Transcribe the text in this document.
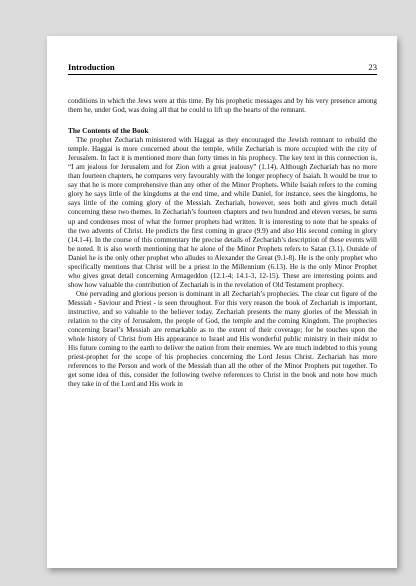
Introduction	23

conditions in which the Jews were at this time. By his prophetic messages and by his very presence among them he, under God, was doing all that he could to lift up the hearts of the remnant.

The Contents of the Book

The prophet Zechariah ministered with Haggai as they encouraged the Jewish remnant to rebuild the temple. Haggai is more concerned about the temple, while Zechariah is more occupied with the city of Jerusalem. In fact it is mentioned more than forty times in his prophecy. The key text in this connection is, “I am jealous for Jerusalem and for Zion with a great jealousy” (1.14). Although Zechariah has no more than fourteen chapters, he compares very favourably with the longer prophecy of Isaiah. It would be true to say that he is more comprehensive than any other of the Minor Prophets. While Isaiah refers to the coming glory he says little of the kingdoms at the end time, and while Daniel, for instance, sees the kingdoms, he says little of the coming glory of the Messiah. Zechariah, however, sees both and gives much detail concerning these two themes. In Zechariah’s fourteen chapters and two hundred and eleven verses, he sums up and condenses most of what the former prophets had written. It is interesting to note that he speaks of the two advents of Christ. He predicts the first coming in grace (9.9) and also His second coming in glory (14.1-4). In the course of this commentary the precise details of Zechariah’s description of these events will be noted. It is also worth mentioning that he alone of the Minor Prophets refers to Satan (3.1). Outside of Daniel he is the only other prophet who alludes to Alexander the Great (9.1-8). He is the only prophet who specifically mentions that Christ will be a priest in the Millennium (6.13). He is the only Minor Prophet who gives great detail concerning Armageddon (12.1-4; 14.1-3, 12-15). These are interesting points and show how valuable the contribution of Zechariah is in the revelation of Old Testament prophecy.

One pervading and glorious person is dominant in all Zechariah’s prophecies. The clear cut figure of the Messiah - Saviour and Priest - is seen throughout. For this very reason the book of Zechariah is important, instructive, and so valuable to the believer today. Zechariah presents the many glories of the Messiah in relation to the city of Jerusalem, the people of God, the temple and the coming Kingdom. The prophecies concerning Israel’s Messiah are remarkable as to the extent of their coverage; for he touches upon the whole history of Christ from His appearance to Israel and His wonderful public ministry in their midst to His future coming to the earth to deliver the nation from their enemies. We are much indebted to this young priest-prophet for the scope of his prophecies concerning the Lord Jesus Christ. Zechariah has more references to the Person and work of the Messiah than all the other of the Minor Prophets put together. To get some idea of this, consider the following twelve references to Christ in the book and note how much they take in of the Lord and His work in
